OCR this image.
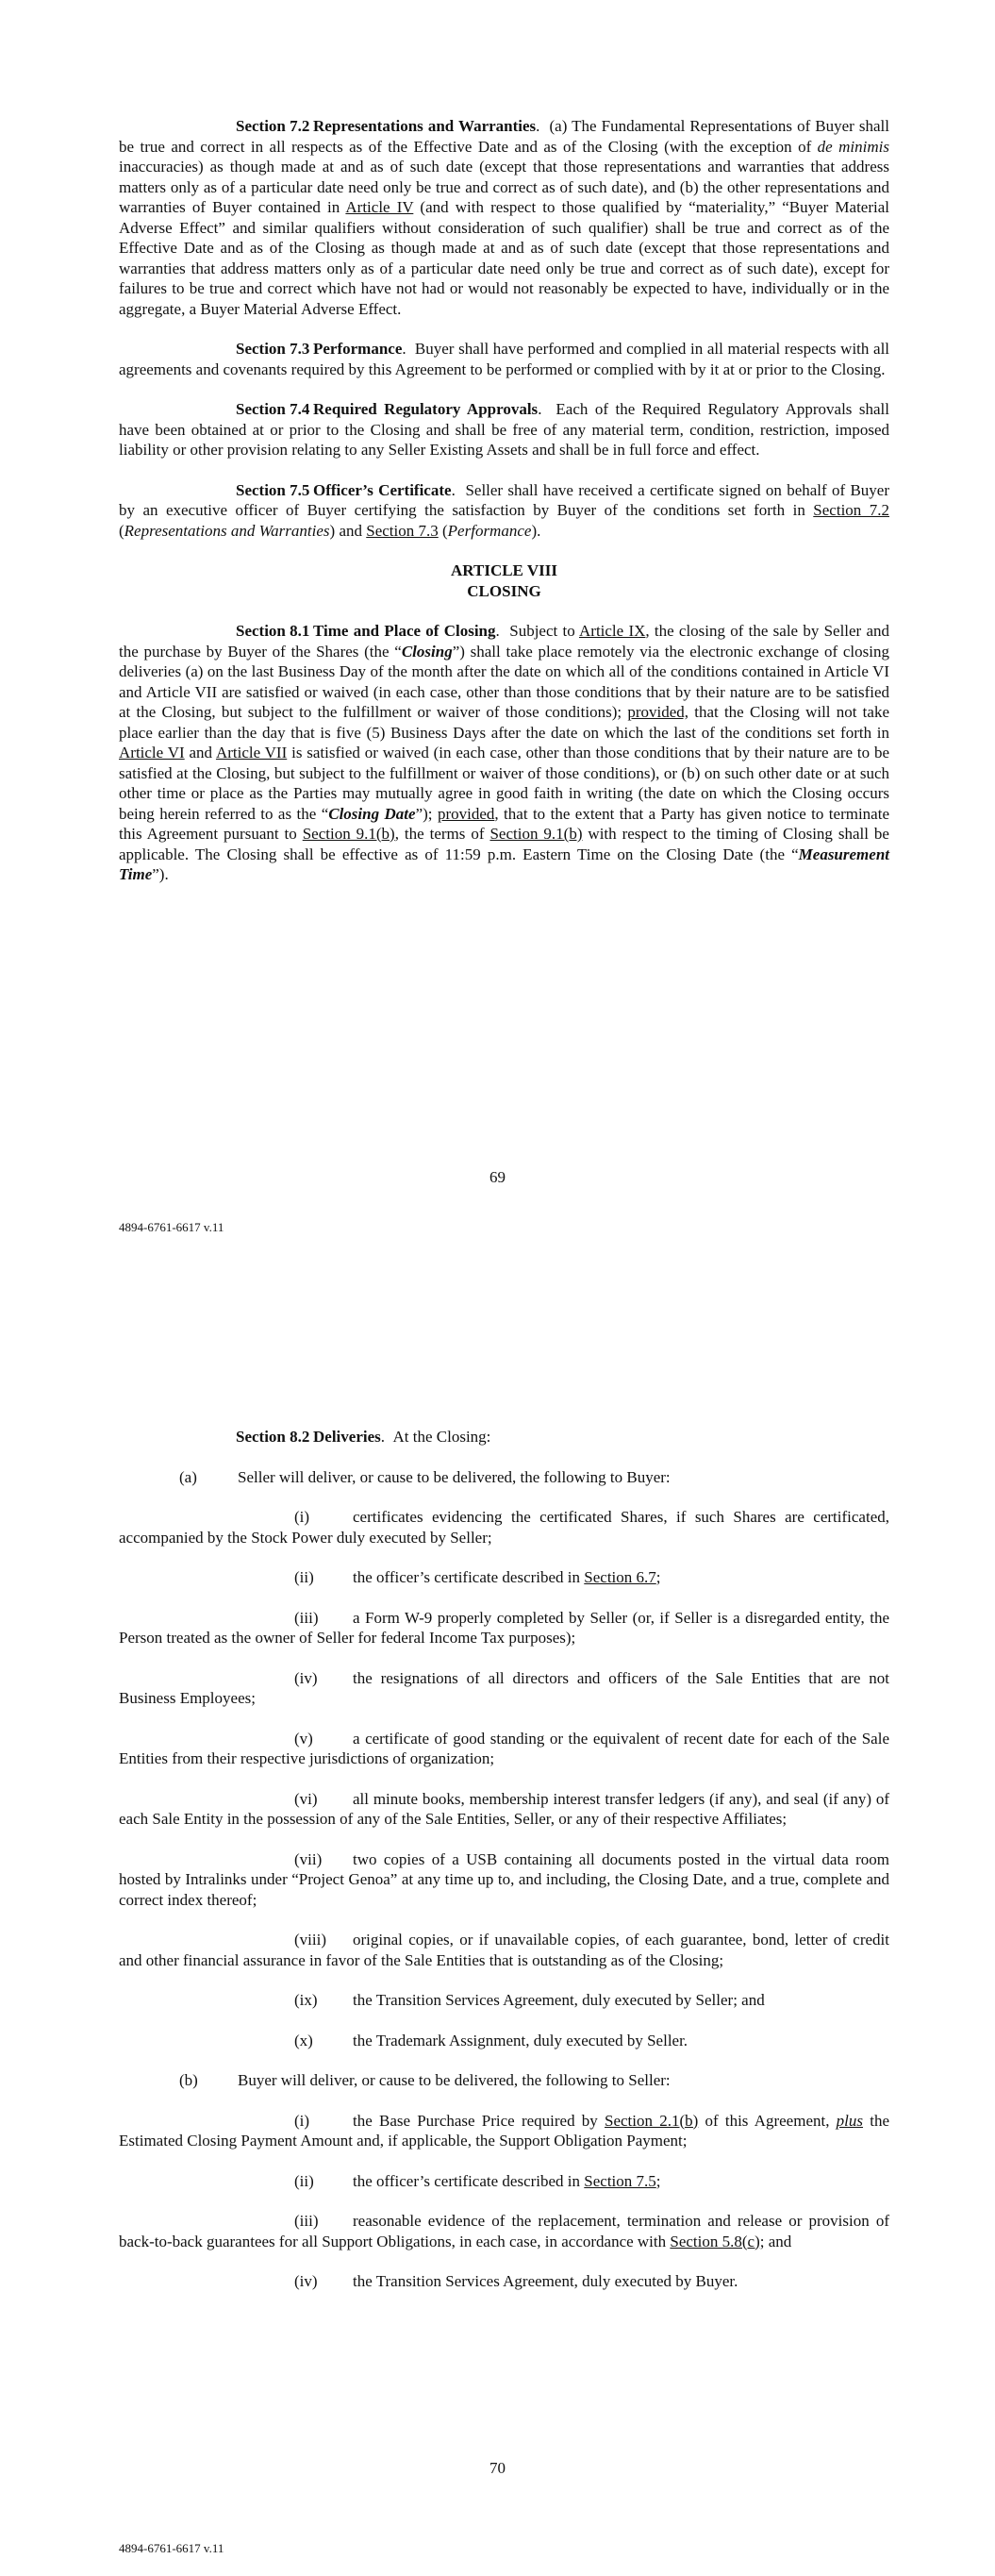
Section 7.2 Representations and Warranties.  (a) The Fundamental Representations of Buyer shall be true and correct in all respects as of the Effective Date and as of the Closing (with the exception of de minimis inaccuracies) as though made at and as of such date (except that those representations and warranties that address matters only as of a particular date need only be true and correct as of such date), and (b) the other representations and warranties of Buyer contained in Article IV (and with respect to those qualified by “materiality,” “Buyer Material Adverse Effect” and similar qualifiers without consideration of such qualifier) shall be true and correct as of the Effective Date and as of the Closing as though made at and as of such date (except that those representations and warranties that address matters only as of a particular date need only be true and correct as of such date), except for failures to be true and correct which have not had or would not reasonably be expected to have, individually or in the aggregate, a Buyer Material Adverse Effect.

Section 7.3 Performance.  Buyer shall have performed and complied in all material respects with all agreements and covenants required by this Agreement to be performed or complied with by it at or prior to the Closing.

Section 7.4 Required Regulatory Approvals.  Each of the Required Regulatory Approvals shall have been obtained at or prior to the Closing and shall be free of any material term, condition, restriction, imposed liability or other provision relating to any Seller Existing Assets and shall be in full force and effect.

Section 7.5 Officer’s Certificate.  Seller shall have received a certificate signed on behalf of Buyer by an executive officer of Buyer certifying the satisfaction by Buyer of the conditions set forth in Section 7.2 (Representations and Warranties) and Section 7.3 (Performance).

ARTICLE VIII

CLOSING

Section 8.1 Time and Place of Closing.  Subject to Article IX, the closing of the sale by Seller and the purchase by Buyer of the Shares (the “Closing”) shall take place remotely via the electronic exchange of closing deliveries (a) on the last Business Day of the month after the date on which all of the conditions contained in Article VI and Article VII are satisfied or waived (in each case, other than those conditions that by their nature are to be satisfied at the Closing, but subject to the fulfillment or waiver of those conditions); provided, that the Closing will not take place earlier than the day that is five (5) Business Days after the date on which the last of the conditions set forth in Article VI and Article VII is satisfied or waived (in each case, other than those conditions that by their nature are to be satisfied at the Closing, but subject to the fulfillment or waiver of those conditions), or (b) on such other date or at such other time or place as the Parties may mutually agree in good faith in writing (the date on which the Closing occurs being herein referred to as the “Closing Date”); provided, that to the extent that a Party has given notice to terminate this Agreement pursuant to Section 9.1(b), the terms of Section 9.1(b) with respect to the timing of Closing shall be applicable. The Closing shall be effective as of 11:59 p.m. Eastern Time on the Closing Date (the “Measurement Time”).

69
4894-6761-6617 v.11

Section 8.2 Deliveries.  At the Closing:

(a)	Seller will deliver, or cause to be delivered, the following to Buyer:

(i)	certificates evidencing the certificated Shares, if such Shares are certificated, accompanied by the Stock Power duly executed by Seller;

(ii) the officer’s certificate described in Section 6.7;

(iii) a Form W-9 properly completed by Seller (or, if Seller is a disregarded entity, the Person treated as the owner of Seller for federal Income Tax purposes);

(iv) the resignations of all directors and officers of the Sale Entities that are not Business Employees;

(v) a certificate of good standing or the equivalent of recent date for each of the Sale Entities from their respective jurisdictions of organization;

(vi) all minute books, membership interest transfer ledgers (if any), and seal (if any) of each Sale Entity in the possession of any of the Sale Entities, Seller, or any of their respective Affiliates;

(vii) two copies of a USB containing all documents posted in the virtual data room hosted by Intralinks under “Project Genoa” at any time up to, and including, the Closing Date, and a true, complete and correct index thereof;

(viii) original copies, or if unavailable copies, of each guarantee, bond, letter of credit and other financial assurance in favor of the Sale Entities that is outstanding as of the Closing;

(ix) the Transition Services Agreement, duly executed by Seller; and

(x) the Trademark Assignment, duly executed by Seller.

(b) Buyer will deliver, or cause to be delivered, the following to Seller:

(i)	the Base Purchase Price required by Section 2.1(b) of this Agreement, plus the Estimated Closing Payment Amount and, if applicable, the Support Obligation Payment;

(ii) the officer’s certificate described in Section 7.5;

(iii) reasonable evidence of the replacement, termination and release or provision of back-to-back guarantees for all Support Obligations, in each case, in accordance with Section 5.8(c); and

(iv) the Transition Services Agreement, duly executed by Buyer.

70
4894-6761-6617 v.11
